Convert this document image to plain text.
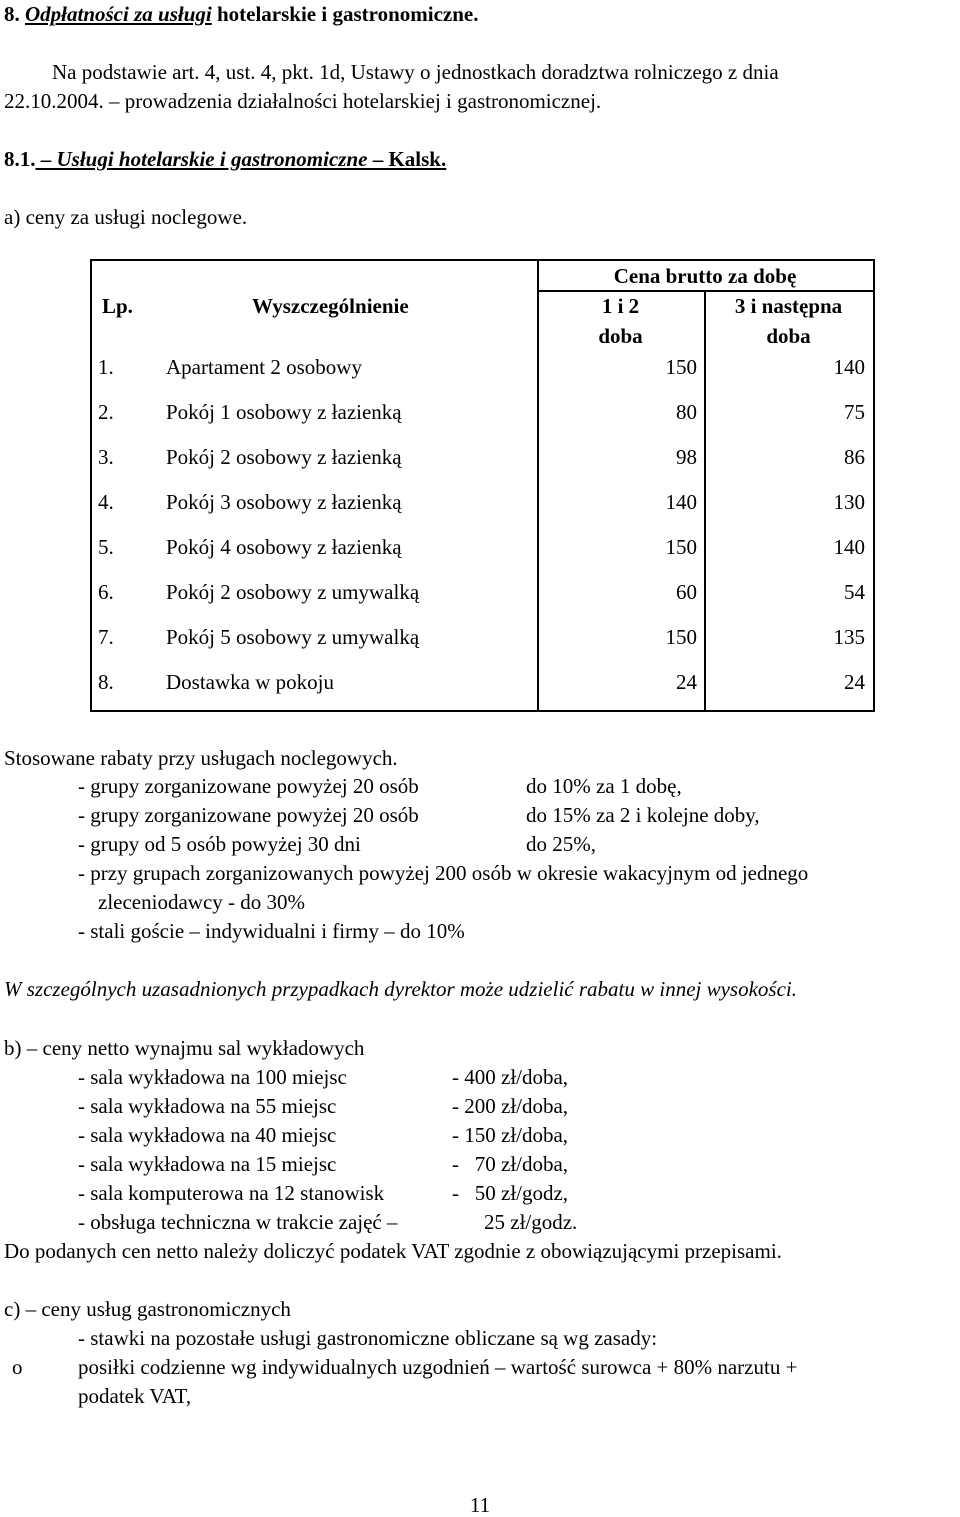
8. Odpłatności za usługi hotelarskie i gastronomiczne.
Na podstawie art. 4, ust. 4, pkt. 1d, Ustawy o jednostkach doradztwa rolniczego z dnia
22.10.2004. – prowadzenia działalności hotelarskiej i gastronomicznej.
8.1. – Usługi hotelarskie i gastronomiczne – Kalsk.
a) ceny za usługi noclegowe.
Lp.	Wyszczególnienie
Cena brutto za dobę
1 i 2
doba
3 i następna
doba
1. Apartament 2 osobowy	150	140
2. Pokój 1 osobowy z łazienką	80	75
3. Pokój 2 osobowy z łazienką	98	86
4. Pokój 3 osobowy z łazienką	140	130
5. Pokój 4 osobowy z łazienką	150	140
6. Pokój 2 osobowy z umywalką	60	54
7. Pokój 5 osobowy z umywalką	150	135
8. Dostawka w pokoju	24	24
Stosowane rabaty przy usługach noclegowych.
- grupy zorganizowane powyżej 20 osób	do 10% za 1 dobę,
- grupy zorganizowane powyżej 20 osób	do 15% za 2 i kolejne doby,
- grupy od 5 osób powyżej 30 dni	do 25%,
- przy grupach zorganizowanych powyżej 200 osób w okresie wakacyjnym od jednego
zleceniodawcy - do 30%
- stali goście – indywidualni i firmy – do 10%
W szczególnych uzasadnionych przypadkach dyrektor może udzielić rabatu w innej wysokości.
b) – ceny netto wynajmu sal wykładowych
- sala wykładowa na 100 miejsc	- 400 zł/doba,
- sala wykładowa na 55 miejsc	- 200 zł/doba,
- sala wykładowa na 40 miejsc	- 150 zł/doba,
- sala wykładowa na 15 miejsc	-   70 zł/doba,
- sala komputerowa na 12 stanowisk	-   50 zł/godz,
- obsługa techniczna w trakcie zajęć –	25 zł/godz.
Do podanych cen netto należy doliczyć podatek VAT zgodnie z obowiązującymi przepisami.
c) – ceny usług gastronomicznych
- stawki na pozostałe usługi gastronomiczne obliczane są wg zasady:
o	posiłki codzienne wg indywidualnych uzgodnień – wartość surowca + 80% narzutu +
podatek VAT,
11
